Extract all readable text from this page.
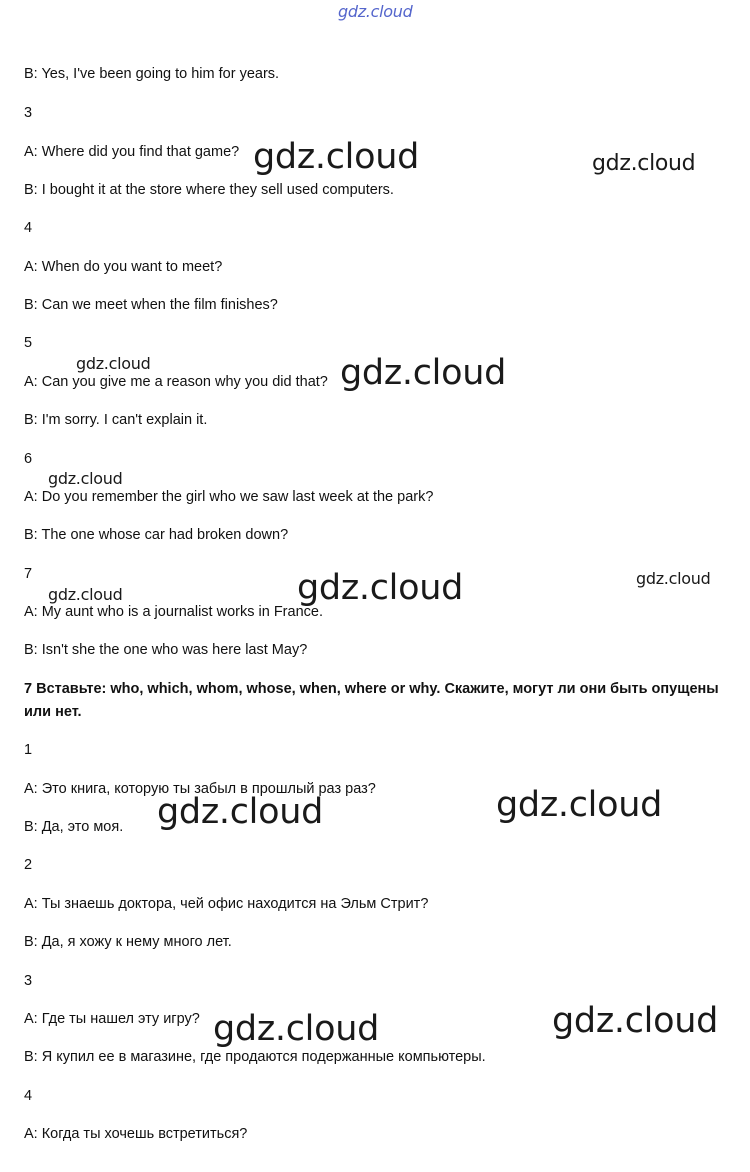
B: Yes, I've been going to him for years.
3
A: Where did you find that game?
B: I bought it at the store where they sell used computers.
4
A: When do you want to meet?
B: Can we meet when the film finishes?
5
A: Can you give me a reason why you did that?
B: I'm sorry. I can't explain it.
6
A: Do you remember the girl who we saw last week at the park?
B: The one whose car had broken down?
7
A: My aunt who is a journalist works in France.
B: Isn't she the one who was here last May?
7 Вставьте: who, which, whom, whose, when, where or why. Скажите, могут ли они быть опущены или нет.
1
A: Это книга, которую ты забыл в прошлый раз раз?
B: Да, это моя.
2
A: Ты знаешь доктора, чей офис находится на Эльм Стрит?
B: Да, я хожу к нему много лет.
3
A: Где ты нашел эту игру?
B: Я купил ее в магазине, где продаются подержанные компьютеры.
4
A: Когда ты хочешь встретиться?
gdz.cloud
gdz.cloud	gdz.cloud
gdz.cloud	gdz.cloud
gdz.cloud
gdz.cloud
gdz.cloud
gdz.cloud
gdz.cloud	gdz.cloud
gdz.cloud	gdz.cloud
